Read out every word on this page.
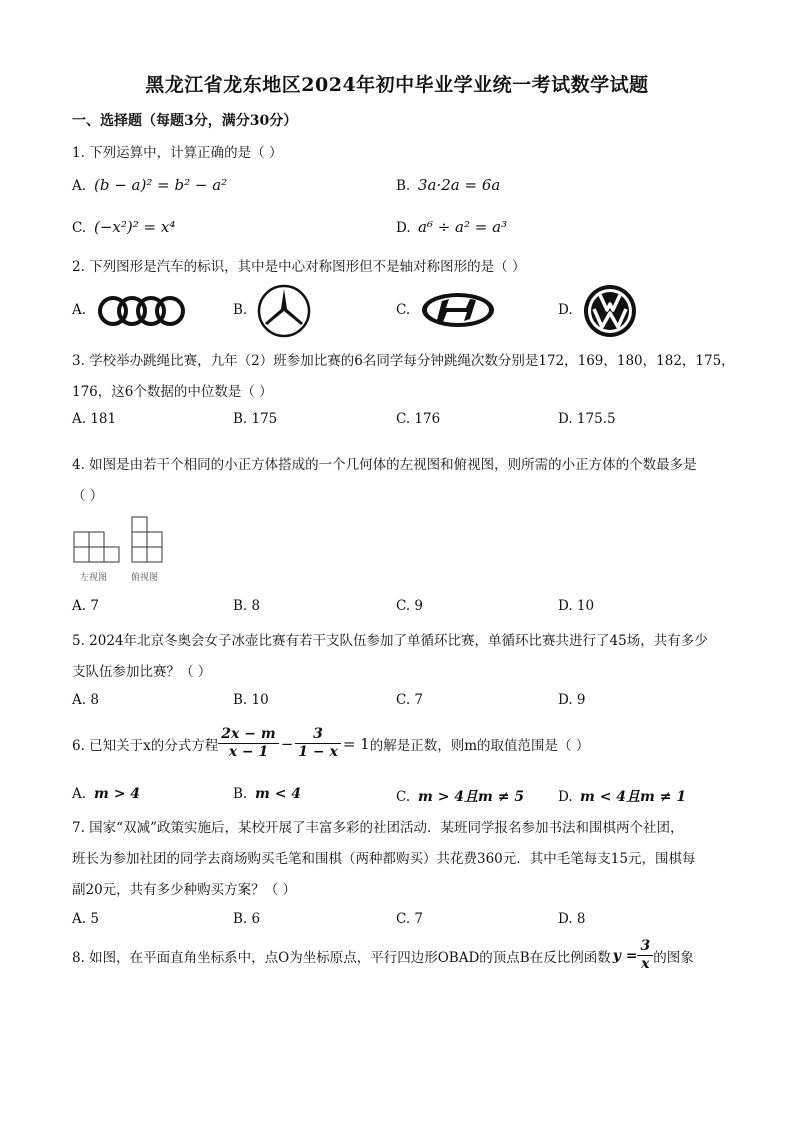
黑龙江省龙东地区2024年初中毕业学业统一考试数学试题
一、选择题（每题3分，满分30分）
1. 下列运算中，计算正确的是（ ）
A. (b − a)² = b² − a²	B. 3a·2a = 6a
C. (−x²)² = x⁴	D. a⁶ ÷ a² = a³
2. 下列图形是汽车的标识，其中是中心对称图形但不是轴对称图形的是（ ）
A.	B.	C.	D.
3. 学校举办跳绳比赛，九年（2）班参加比赛的6名同学每分钟跳绳次数分别是172，169，180，182，175，
176，这6个数据的中位数是（ ）
A. 181	B. 175	C. 176	D. 175.5
4. 如图是由若干个相同的小正方体搭成的一个几何体的左视图和俯视图，则所需的小正方体的个数最多是
（ ）
左视图	俯视图
A. 7	B. 8	C. 9	D. 10
5. 2024年北京冬奥会女子冰壶比赛有若干支队伍参加了单循环比赛，单循环比赛共进行了45场，共有多少
支队伍参加比赛？（ ）
A. 8	B. 10	C. 7	D. 9
6. 已知关于x的分式方程 $\frac{2x - m}{x - 1} - \frac{3}{1 - x} = 1$ 的解是正数，则m的取值范围是（ ）
A. m > 4	B. m < 4	C. m > 4且m ≠ 5	D. m < 4且m ≠ 1
7. 国家“双减”政策实施后，某校开展了丰富多彩的社团活动．某班同学报名参加书法和围棋两个社团，
班长为参加社团的同学去商场购买毛笔和围棋（两种都购买）共花费360元．其中毛笔每支15元，围棋每
副20元，共有多少种购买方案？（ ）
A. 5	B. 6	C. 7	D. 8
8. 如图，在平面直角坐标系中，点O为坐标原点，平行四边形OBAD的顶点B在反比例函数 $y = \frac{3}{x}$ 的图象
